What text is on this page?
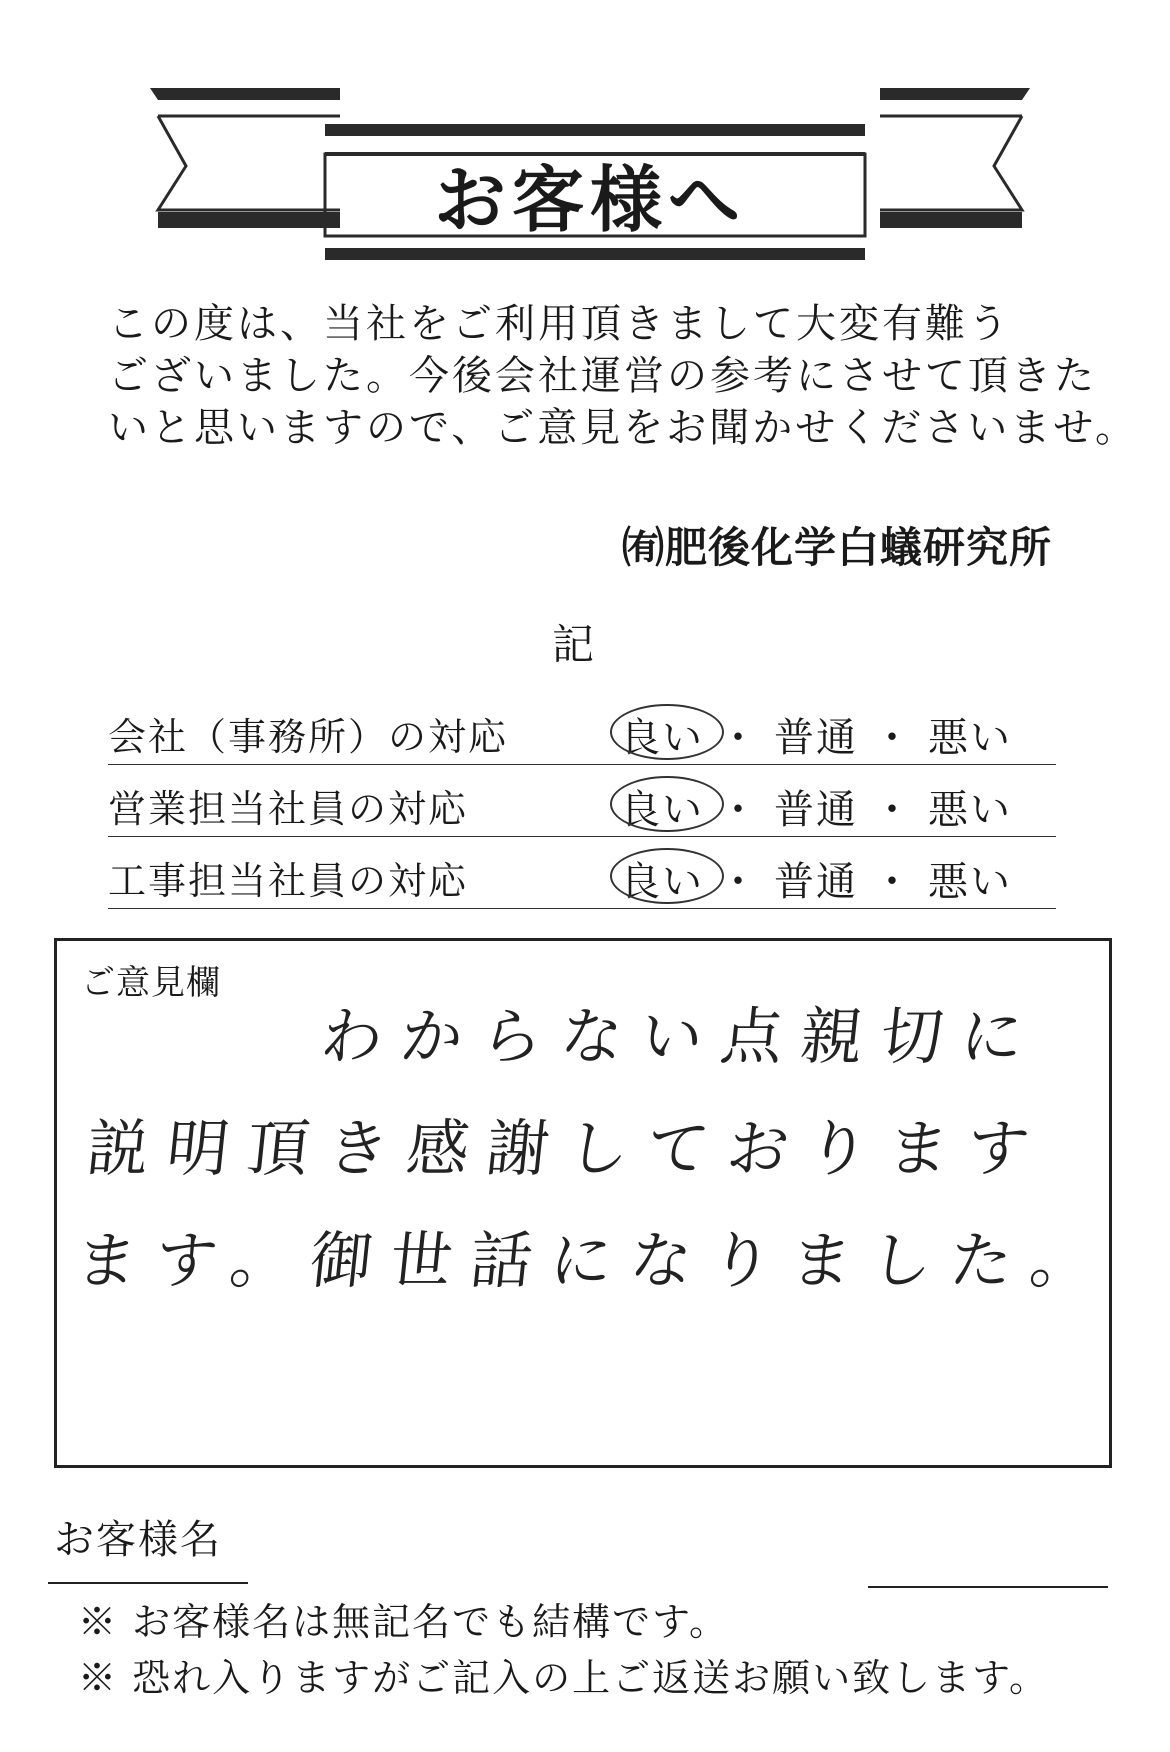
お客様へ
この度は、当社をご利用頂きまして大変有難う
ございました。今後会社運営の参考にさせて頂きた
いと思いますので、ご意見をお聞かせくださいませ。
㈲肥後化学白蟻研究所
記
会社（事務所）の対応	良い ・ 普通 ・ 悪い
営業担当社員の対応	良い ・ 普通 ・ 悪い
工事担当社員の対応	良い ・ 普通 ・ 悪い
ご意見欄
わからない点親切に
説明頂き感謝しております
ます。御世話になりました。
お客様名
※ お客様名は無記名でも結構です。
※ 恐れ入りますがご記入の上ご返送お願い致します。
